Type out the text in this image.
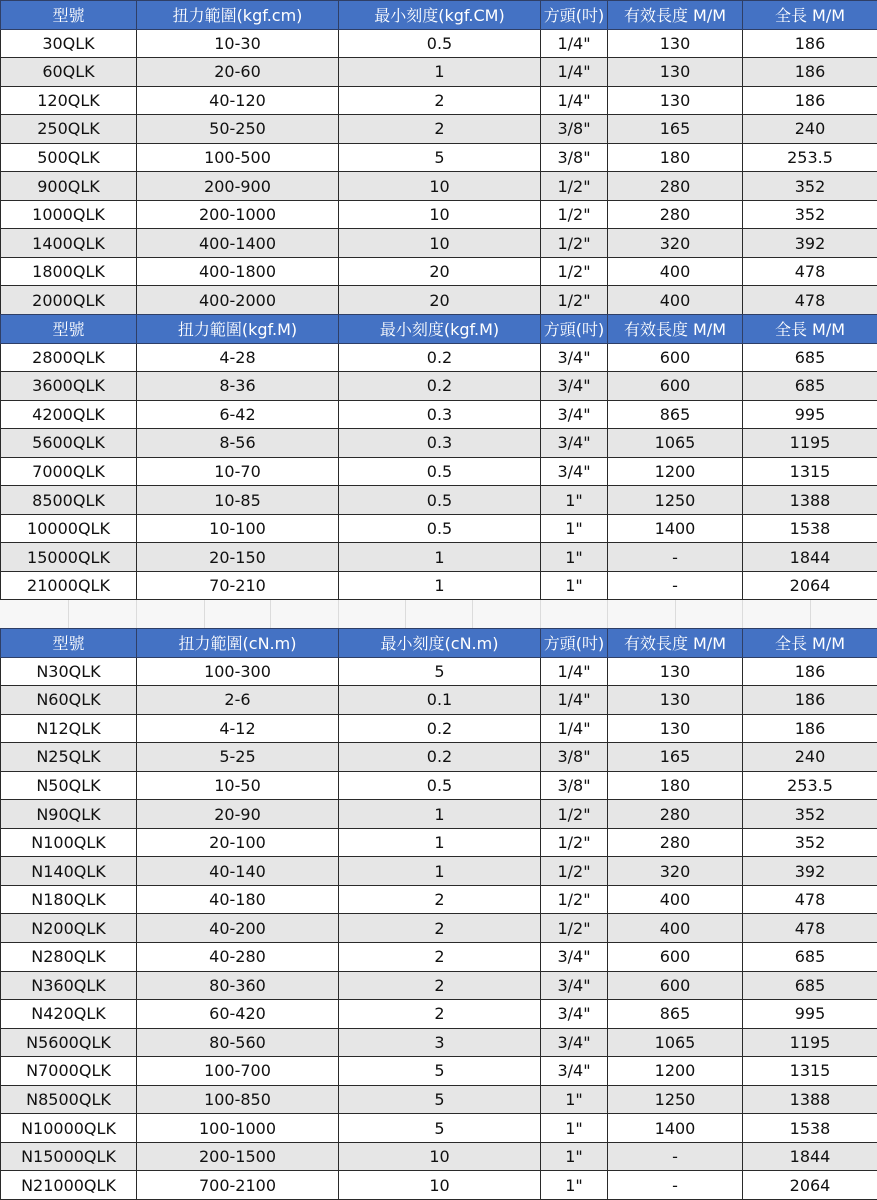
型號	扭力範圍(kgf.cm)	最小刻度(kgf.CM)	方頭(吋)	有效長度 M/M	全長 M/M
30QLK	10-30	0.5	1/4"	130	186
60QLK	20-60	1	1/4"	130	186
120QLK	40-120	2	1/4"	130	186
250QLK	50-250	2	3/8"	165	240
500QLK	100-500	5	3/8"	180	253.5
900QLK	200-900	10	1/2"	280	352
1000QLK	200-1000	10	1/2"	280	352
1400QLK	400-1400	10	1/2"	320	392
1800QLK	400-1800	20	1/2"	400	478
2000QLK	400-2000	20	1/2"	400	478
型號	扭力範圍(kgf.M)	最小刻度(kgf.M)	方頭(吋)	有效長度 M/M	全長 M/M
2800QLK	4-28	0.2	3/4"	600	685
3600QLK	8-36	0.2	3/4"	600	685
4200QLK	6-42	0.3	3/4"	865	995
5600QLK	8-56	0.3	3/4"	1065	1195
7000QLK	10-70	0.5	3/4"	1200	1315
8500QLK	10-85	0.5	1"	1250	1388
10000QLK	10-100	0.5	1"	1400	1538
15000QLK	20-150	1	1"	-	1844
21000QLK	70-210	1	1"	-	2064
型號	扭力範圍(cN.m)	最小刻度(cN.m)	方頭(吋)	有效長度 M/M	全長 M/M
N30QLK	100-300	5	1/4"	130	186
N60QLK	2-6	0.1	1/4"	130	186
N12QLK	4-12	0.2	1/4"	130	186
N25QLK	5-25	0.2	3/8"	165	240
N50QLK	10-50	0.5	3/8"	180	253.5
N90QLK	20-90	1	1/2"	280	352
N100QLK	20-100	1	1/2"	280	352
N140QLK	40-140	1	1/2"	320	392
N180QLK	40-180	2	1/2"	400	478
N200QLK	40-200	2	1/2"	400	478
N280QLK	40-280	2	3/4"	600	685
N360QLK	80-360	2	3/4"	600	685
N420QLK	60-420	2	3/4"	865	995
N5600QLK	80-560	3	3/4"	1065	1195
N7000QLK	100-700	5	3/4"	1200	1315
N8500QLK	100-850	5	1"	1250	1388
N10000QLK	100-1000	5	1"	1400	1538
N15000QLK	200-1500	10	1"	-	1844
N21000QLK	700-2100	10	1"	-	2064
